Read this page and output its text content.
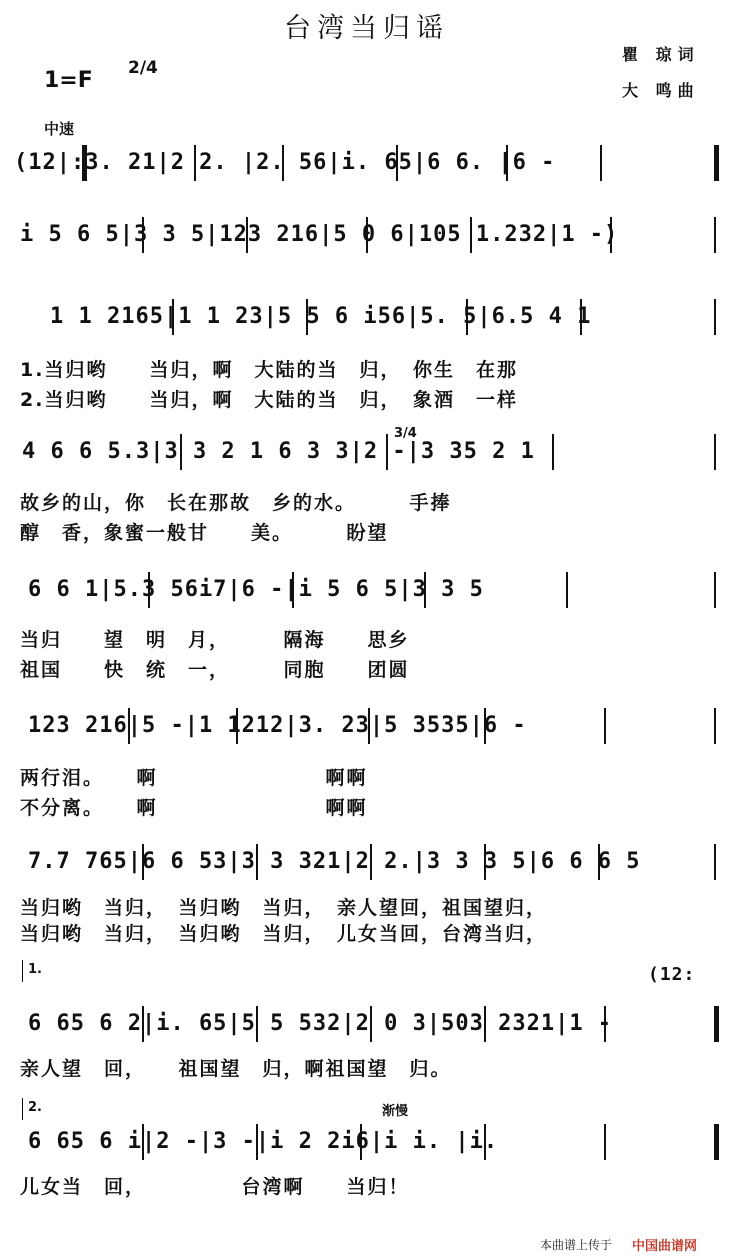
台湾当归谣
瞿 琼词
大 鸣曲
1=F 2/4
中速
(12|:3. 21|2 2. |2. 56|i. 65|6 6. |6 -
i 5 6 5|3 3 5|123 216|5 0 6|105 1.232|1 -)
1 1 2165|1 1 23|5 5 6 i56|5. 5|6.5 4 1
1.当归哟　　当归，啊　大陆的当　归，　你生　在那
2.当归哟　　当归，啊　大陆的当　归，　象酒　一样
3/4
4 6 6 5.3|3 3 2 1 6 3 3|2 -|3 35 2 1
故乡的山，你　长在那故　乡的水。　　　手捧
醇　香，象蜜一般甘　　美。　　　盼望
6 6 1|5.3 56i7|6 -|i 5 6 5|3 3 5
当归　　望　明　月，　　　隔海　　思乡
祖国　　快　统　一，　　　同胞　　团圆
123 216|5 -|1 1212|3. 23|5 3535|6 -
两行泪。　　啊　　　　　　　　啊啊
不分离。　　啊　　　　　　　　啊啊
7.7 765|6 6 53|3 3 321|2 2.|3 3 3 5|6 6 6 5
当归哟　当归，　当归哟　当归，　亲人望回，祖国望归，
当归哟　当归，　当归哟　当归，　儿女当回，台湾当归，
1.	(12:
6 65 6 2|i. 65|5 5 532|2 0 3|503 2321|1 -
亲人望　回，　　祖国望　归，啊祖国望　归。
2.	渐慢
6 65 6 i|2 -|3 -|i 2 2i6|i i. |i.
儿女当　回，　　　　　台湾啊　　当归！
本曲谱上传于 中国曲谱网
